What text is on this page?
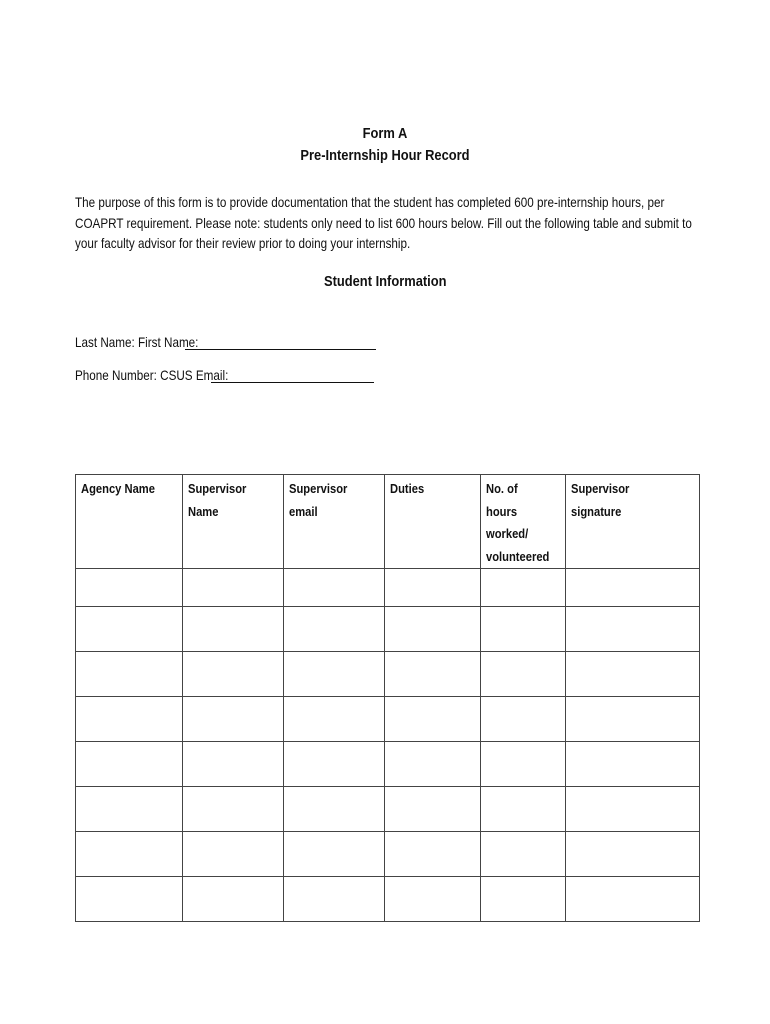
Form A
Pre-Internship Hour Record
The purpose of this form is to provide documentation that the student has completed 600 pre-internship hours, per COAPRT requirement. Please note: students only need to list 600 hours below. Fill out the following table and submit to your faculty advisor for their review prior to doing your internship.
Student Information
Last Name: First Name: _
Phone Number: CSUS Email: _
Agency Name	Supervisor Name	Supervisor email	Duties	No. of hours
worked/
volunteered	Supervisor signature
